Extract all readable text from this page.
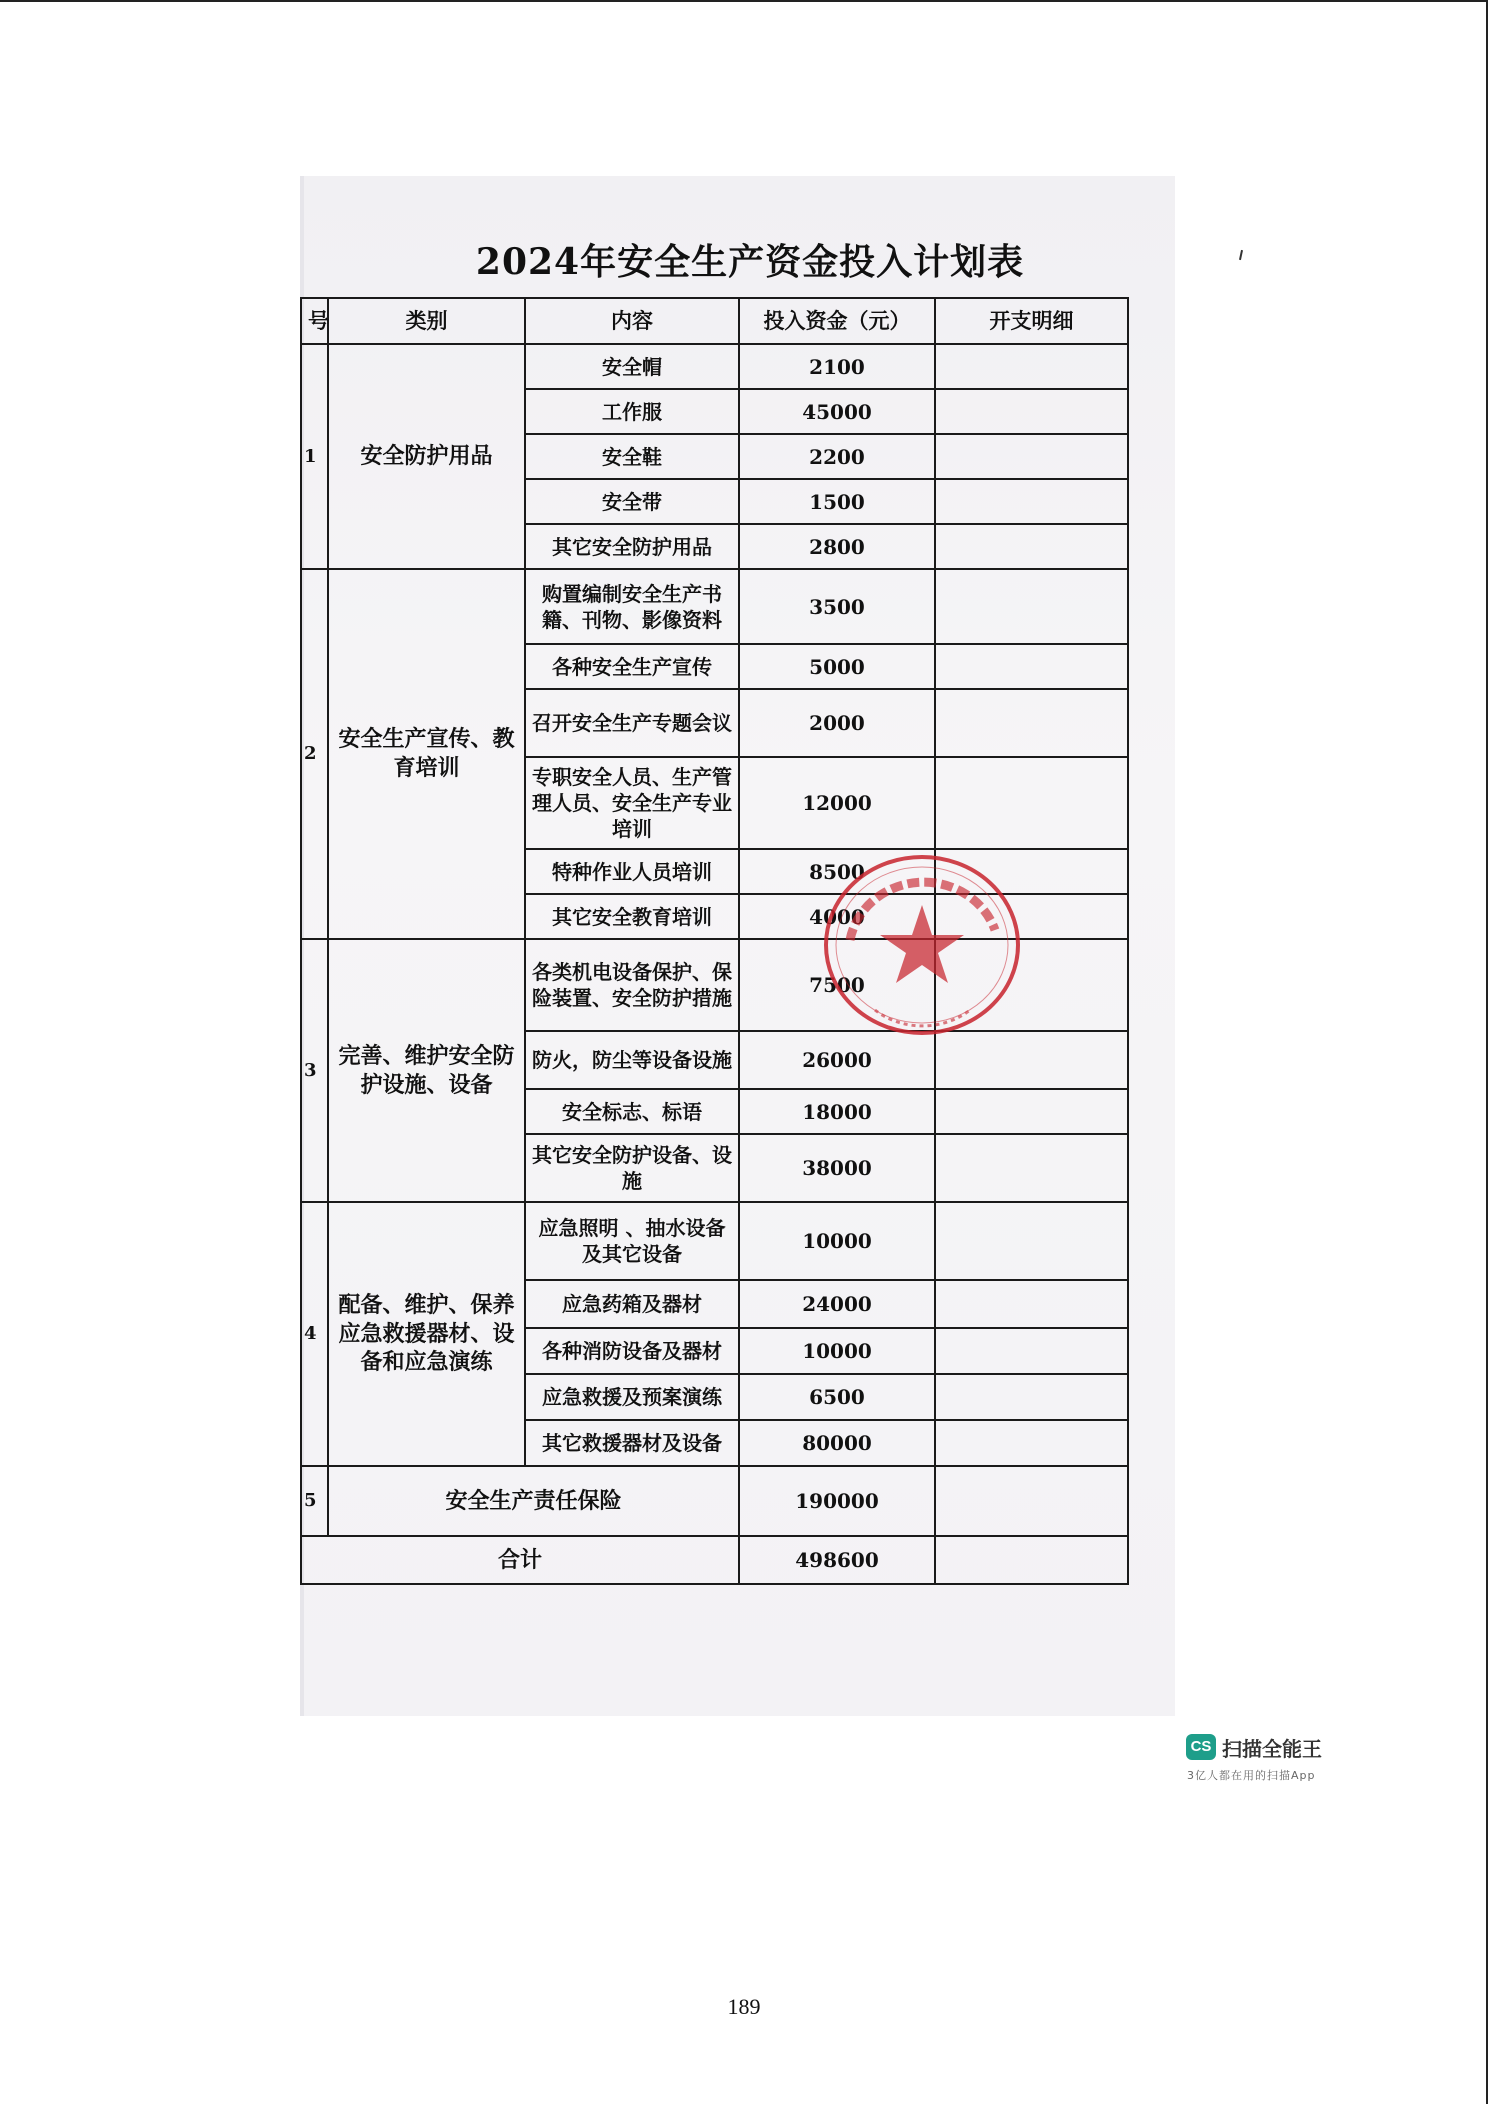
2024年安全生产资金投入计划表
号	类别	内容	投入资金（元）	开支明细
1	安全防护用品	安全帽	2100	
		工作服	45000	
		安全鞋	2200	
		安全带	1500	
		其它安全防护用品	2800	
2	安全生产宣传、教育培训	购置编制安全生产书籍、刊物、影像资料	3500	
		各种安全生产宣传	5000	
		召开安全生产专题会议	2000	
		专职安全人员、生产管理人员、安全生产专业培训	12000	
		特种作业人员培训	8500	
		其它安全教育培训	4000	
3	完善、维护安全防护设施、设备	各类机电设备保护、保险装置、安全防护措施	7500	
		防火，防尘等设备设施	26000	
		安全标志、标语	18000	
		其它安全防护设备、设施	38000	
4	配备、维护、保养应急救援器材、设备和应急演练	应急照明 、抽水设备及其它设备	10000	
		应急药箱及器材	24000	
		各种消防设备及器材	10000	
		应急救援及预案演练	6500	
		其它救援器材及设备	80000	
5	安全生产责任保险		190000	
合计			498600	
CS 扫描全能王
3亿人都在用的扫描App
189
